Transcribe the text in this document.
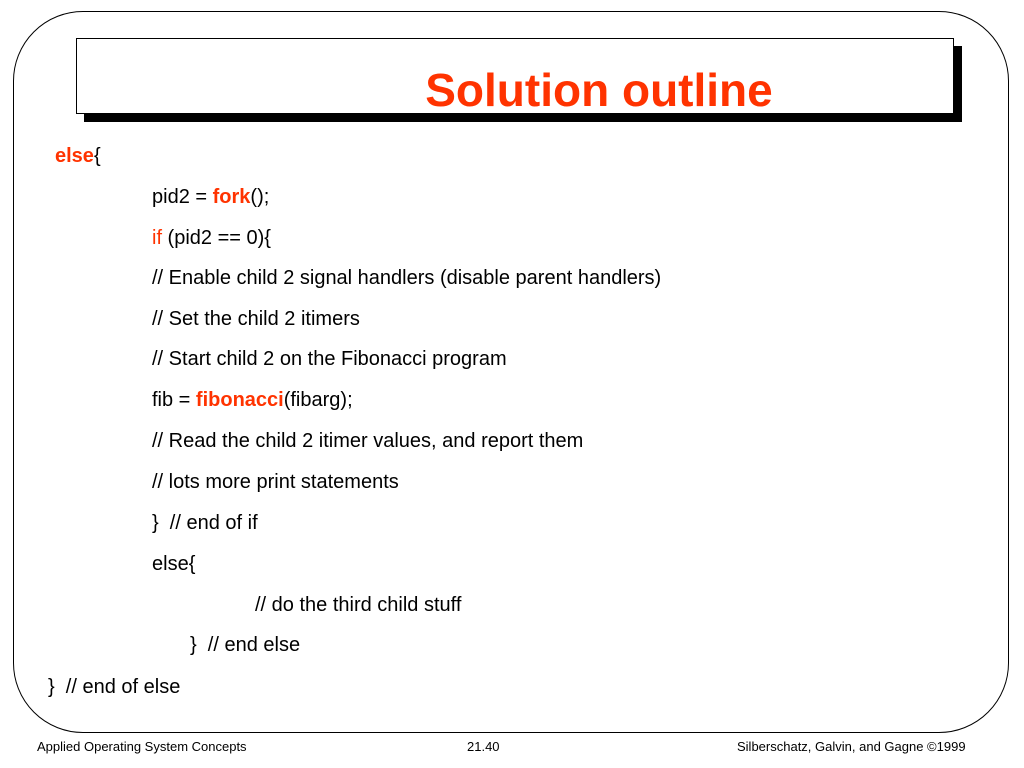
Solution outline
else{
pid2 = fork();
if (pid2 == 0){
// Enable child 2 signal handlers (disable parent handlers)
// Set the child 2 itimers
// Start child 2 on the Fibonacci program
fib = fibonacci(fibarg);
// Read the child 2 itimer values, and report them
// lots more print statements
}  // end of if
else{
// do the third child stuff
}  // end else
}  // end of else
Applied Operating System Concepts	21.40	Silberschatz, Galvin, and Gagne ©1999
